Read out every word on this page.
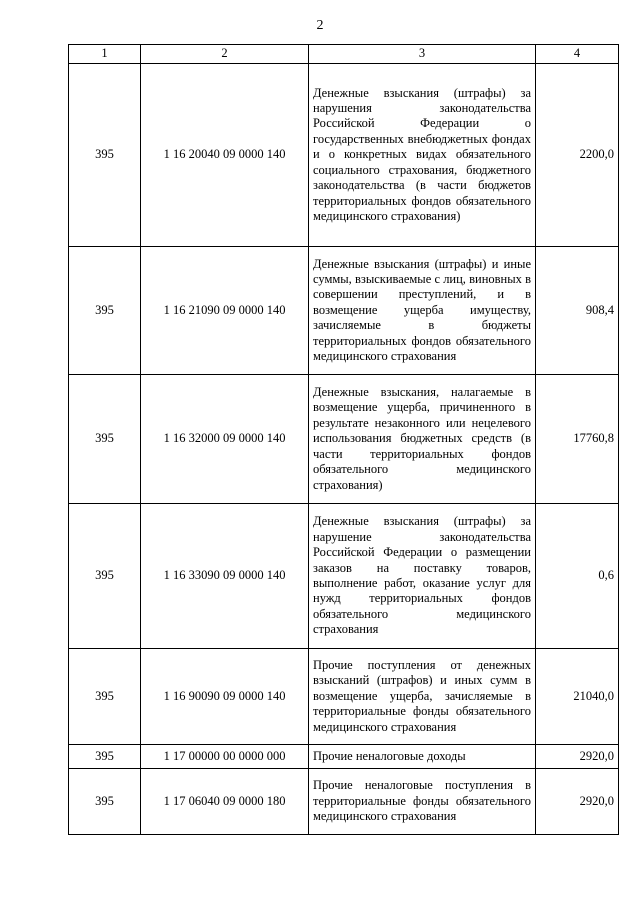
2
1	2	3	4
395	1 16 20040 09 0000 140	Денежные взыскания (штрафы) за нарушения законодательства Российской Федерации о государственных внебюджетных фондах и о конкретных видах обязательного социального страхования, бюджетного законодательства (в части бюджетов территориальных фондов обязательного медицинского страхования)	2200,0
395	1 16 21090 09 0000 140	Денежные взыскания (штрафы) и иные суммы, взыскиваемые с лиц, виновных в совершении преступлений, и в возмещение ущерба имуществу, зачисляемые в бюджеты территориальных фондов обязательного медицинского страхования	908,4
395	1 16 32000 09 0000 140	Денежные взыскания, налагаемые в возмещение ущерба, причиненного в результате незаконного или нецелевого использования бюджетных средств (в части территориальных фондов обязательного медицинского страхования)	17760,8
395	1 16 33090 09 0000 140	Денежные взыскания (штрафы) за нарушение законодательства Российской Федерации о размещении заказов на поставку товаров, выполнение работ, оказание услуг для нужд территориальных фондов обязательного медицинского страхования	0,6
395	1 16 90090 09 0000 140	Прочие поступления от денежных взысканий (штрафов) и иных сумм в возмещение ущерба, зачисляемые в территориальные фонды обязательного медицинского страхования	21040,0
395	1 17 00000 00 0000 000	Прочие неналоговые доходы	2920,0
395	1 17 06040 09 0000 180	Прочие неналоговые поступления в территориальные фонды обязательного медицинского страхования	2920,0
